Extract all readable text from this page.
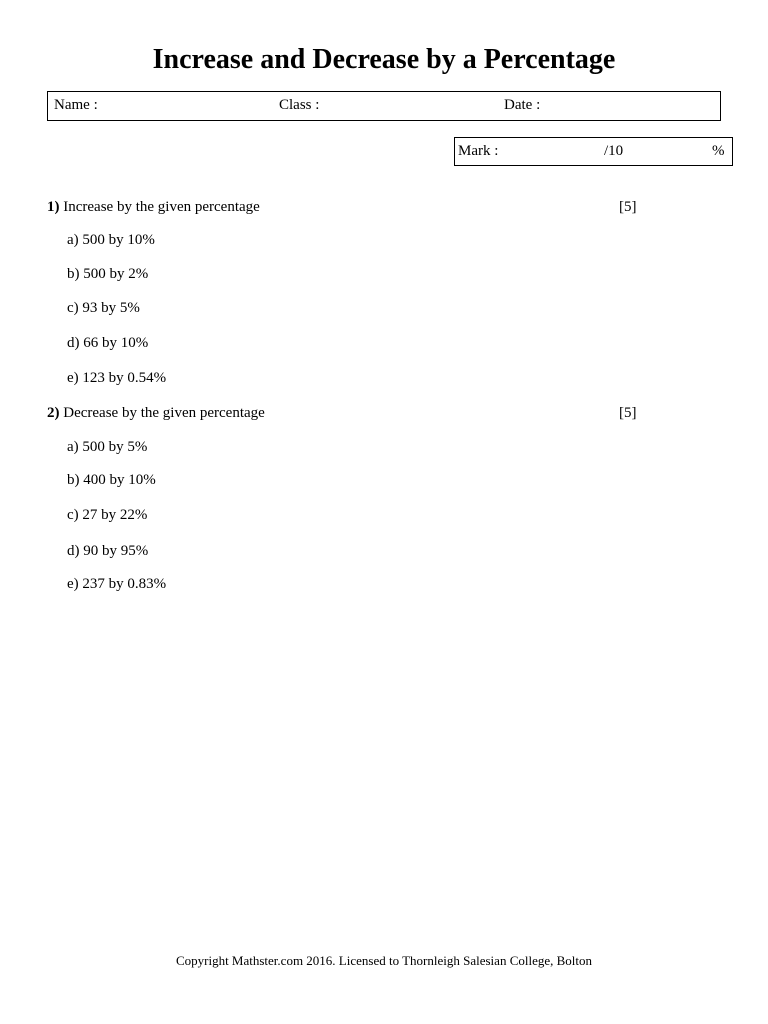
Increase and Decrease by a Percentage
Name :	Class :	Date :
Mark :	/10	%
1) Increase by the given percentage	[5]
a) 500 by 10%
b) 500 by 2%
c) 93 by 5%
d) 66 by 10%
e) 123 by 0.54%
2) Decrease by the given percentage	[5]
a) 500 by 5%
b) 400 by 10%
c) 27 by 22%
d) 90 by 95%
e) 237 by 0.83%
Copyright Mathster.com 2016. Licensed to Thornleigh Salesian College, Bolton
